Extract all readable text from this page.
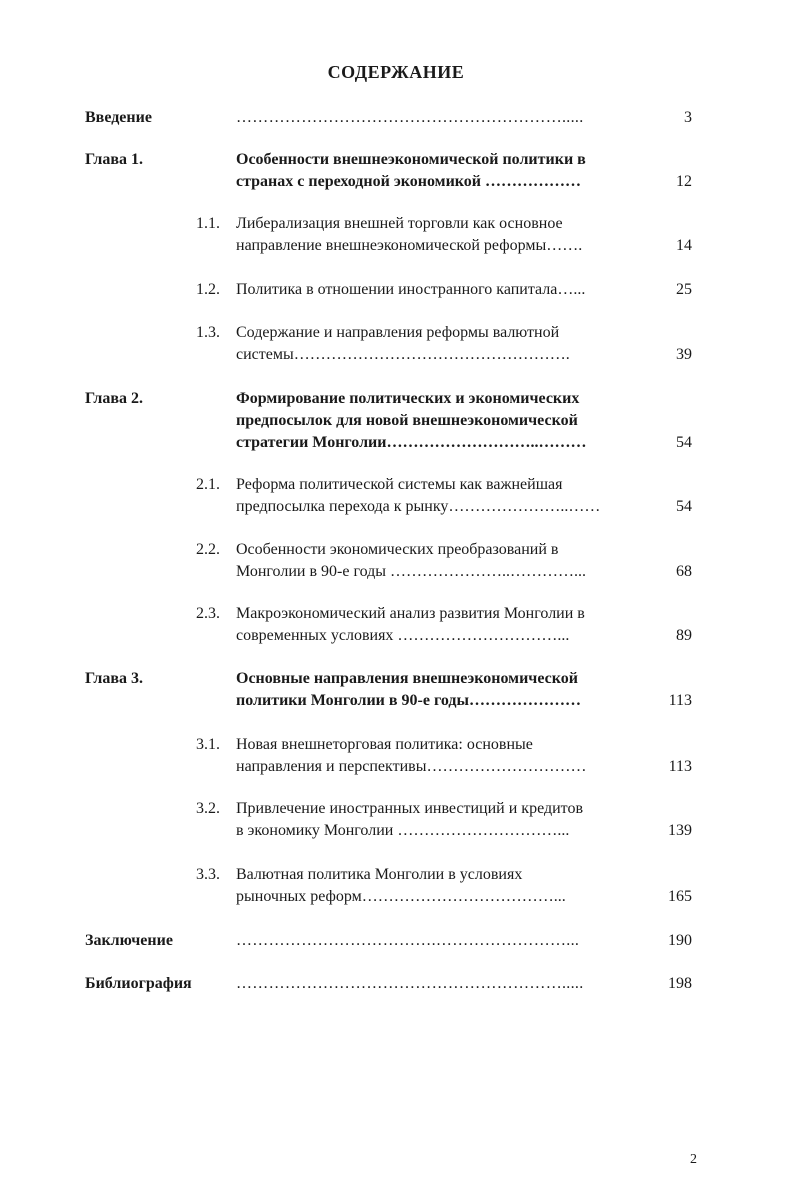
СОДЕРЖАНИЕ
Введение	…………………………………………………….....	3
Глава 1.	Особенности внешнеэкономической политики в
странах с переходной экономикой ………………	12
1.1. Либерализация внешней торговли как основное
направление внешнеэкономической реформы…….	14
1.2. Политика в отношении иностранного капитала…...	25
1.3. Содержание и направления реформы валютной
системы…………………………………………….	39
Глава 2.	Формирование политических и экономических
предпосылок для новой внешнеэкономической
стратегии Монголии………………………..………	54
2.1. Реформа политической системы как важнейшая
предпосылка перехода к рынку…………………..……	54
2.2. Особенности экономических преобразований в
Монголии в 90-е годы …………………..…………...	68
2.3. Макроэкономический анализ развития Монголии в
современных условиях …………………………...	89
Глава 3.	Основные направления внешнеэкономической
политики Монголии в 90-е годы…………………	113
3.1. Новая внешнеторговая политика: основные
направления и перспективы…………………………	113
3.2. Привлечение иностранных инвестиций и кредитов
в экономику Монголии …………………………...	139
3.3. Валютная политика Монголии в условиях
рыночных реформ………………………………...	165
Заключение	……………………………….……………………...	190
Библиография	…………………………………………………….....	198
2
